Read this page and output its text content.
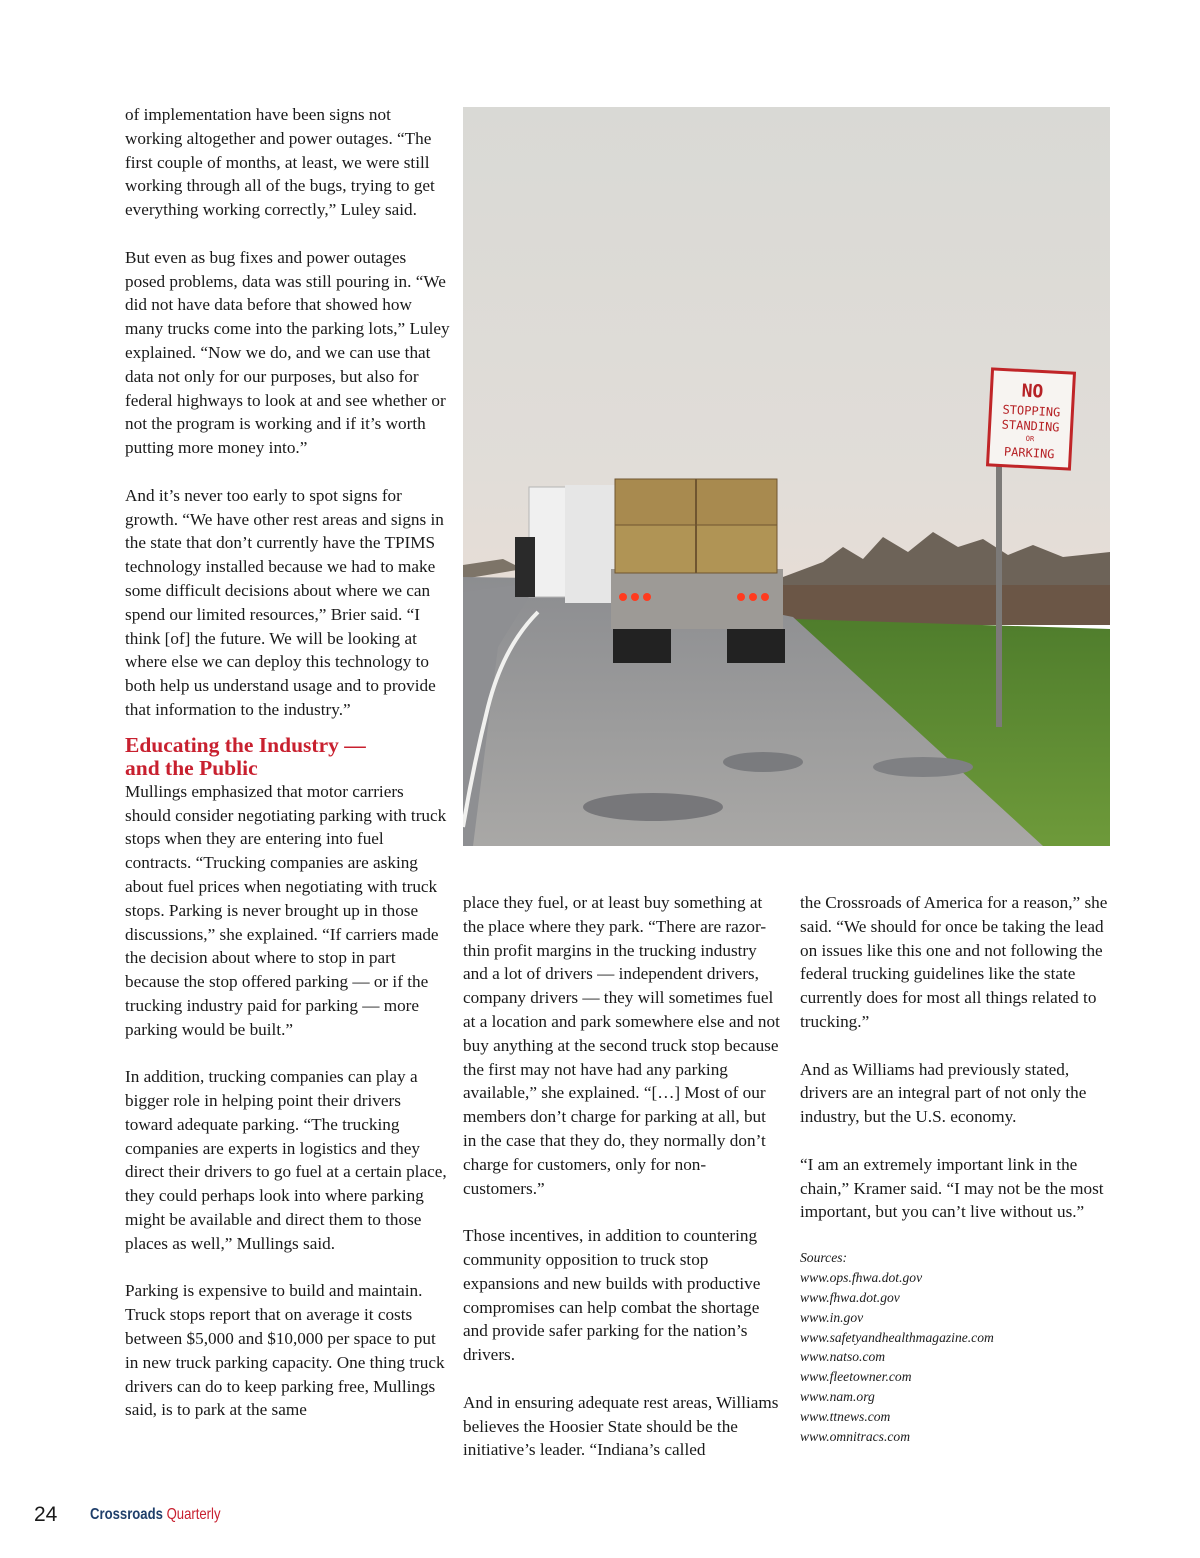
of implementation have been signs not working altogether and power outages. “The first couple of months, at least, we were still working through all of the bugs, trying to get everything working correctly,” Luley said.

But even as bug fixes and power outages posed problems, data was still pouring in. “We did not have data before that showed how many trucks come into the parking lots,” Luley explained. “Now we do, and we can use that data not only for our purposes, but also for federal highways to look at and see whether or not the program is working and if it’s worth putting more money into.”

And it’s never too early to spot signs for growth. “We have other rest areas and signs in the state that don’t currently have the TPIMS technology installed because we had to make some difficult decisions about where we can spend our limited resources,” Brier said. “I think [of] the future. We will be looking at where else we can deploy this technology to both help us understand usage and to provide that information to the industry.”

Educating the Industry —
and the Public

Mullings emphasized that motor carriers should consider negotiating parking with truck stops when they are entering into fuel contracts. “Trucking companies are asking about fuel prices when negotiating with truck stops. Parking is never brought up in those discussions,” she explained. “If carriers made the decision about where to stop in part because the stop offered parking — or if the trucking industry paid for parking — more parking would be built.”

In addition, trucking companies can play a bigger role in helping point their drivers toward adequate parking. “The trucking companies are experts in logistics and they direct their drivers to go fuel at a certain place, they could perhaps look into where parking might be available and direct them to those places as well,” Mullings said.

Parking is expensive to build and maintain. Truck stops report that on average it costs between $5,000 and $10,000 per space to put in new truck parking capacity. One thing truck drivers can do to keep parking free, Mullings said, is to park at the same

NO
STOPPING
STANDING
OR
PARKING

place they fuel, or at least buy something at the place where they park. “There are razor-thin profit margins in the trucking industry and a lot of drivers — independent drivers, company drivers — they will sometimes fuel at a location and park somewhere else and not buy anything at the second truck stop because the first may not have had any parking available,” she explained. “[…] Most of our members don’t charge for parking at all, but in the case that they do, they normally don’t charge for customers, only for non-customers.”

Those incentives, in addition to countering community opposition to truck stop expansions and new builds with productive compromises can help combat the shortage and provide safer parking for the nation’s drivers.

And in ensuring adequate rest areas, Williams believes the Hoosier State should be the initiative’s leader. “Indiana’s called

the Crossroads of America for a reason,” she said. “We should for once be taking the lead on issues like this one and not following the federal trucking guidelines like the state currently does for most all things related to trucking.”

And as Williams had previously stated, drivers are an integral part of not only the industry, but the U.S. economy.

“I am an extremely important link in the chain,” Kramer said. “I may not be the most important, but you can’t live without us.”

Sources:
www.ops.fhwa.dot.gov
www.fhwa.dot.gov
www.in.gov
www.safetyandhealthmagazine.com
www.natso.com
www.fleetowner.com
www.nam.org
www.ttnews.com
www.omnitracs.com
24 Crossroads Quarterly
